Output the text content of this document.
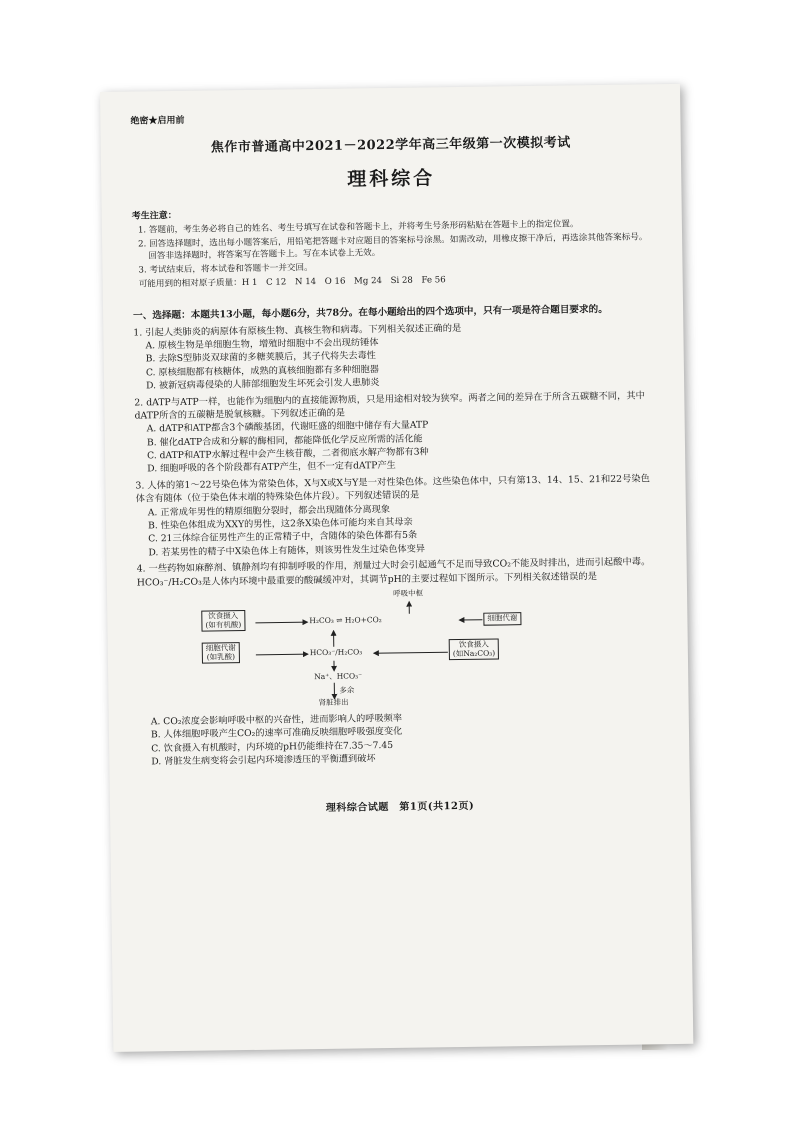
绝密★启用前
焦作市普通高中2021－2022学年高三年级第一次模拟考试
理科综合
考生注意：
1. 答题前，考生务必将自己的姓名、考生号填写在试卷和答题卡上，并将考生号条形码粘贴在答题卡上的指定位置。
2. 回答选择题时，选出每小题答案后，用铅笔把答题卡对应题目的答案标号涂黑。如需改动，用橡皮擦干净后，再选涂其他答案标号。回答非选择题时，将答案写在答题卡上。写在本试卷上无效。
3. 考试结束后，将本试卷和答题卡一并交回。
可能用到的相对原子质量：H 1　C 12　N 14　O 16　Mg 24　Si 28　Fe 56
一、选择题：本题共13小题，每小题6分，共78分。在每小题给出的四个选项中，只有一项是符合题目要求的。
1. 引起人类肺炎的病原体有原核生物、真核生物和病毒。下列相关叙述正确的是
A. 原核生物是单细胞生物，增殖时细胞中不会出现纺锤体
B. 去除S型肺炎双球菌的多糖荚膜后，其子代将失去毒性
C. 原核细胞都有核糖体，成熟的真核细胞都有多种细胞器
D. 被新冠病毒侵染的人肺部细胞发生坏死会引发人患肺炎
2. dATP与ATP一样，也能作为细胞内的直接能源物质，只是用途相对较为狭窄。两者之间的差异在于所含五碳糖不同，其中dATP所含的五碳糖是脱氧核糖。下列叙述正确的是
A. dATP和ATP都含3个磷酸基团，代谢旺盛的细胞中储存有大量ATP
B. 催化dATP合成和分解的酶相同，都能降低化学反应所需的活化能
C. dATP和ATP水解过程中会产生核苷酸，二者彻底水解产物都有3种
D. 细胞呼吸的各个阶段都有ATP产生，但不一定有dATP产生
3. 人体的第1～22号染色体为常染色体，X与X或X与Y是一对性染色体。这些染色体中，只有第13、14、15、21和22号染色体含有随体（位于染色体末端的特殊染色体片段）。下列叙述错误的是
A. 正常成年男性的精原细胞分裂时，都会出现随体分离现象
B. 性染色体组成为XXY的男性，这2条X染色体可能均来自其母亲
C. 21三体综合征男性产生的正常精子中，含随体的染色体都有5条
D. 若某男性的精子中X染色体上有随体，则该男性发生过染色体变异
4. 一些药物如麻醉剂、镇静剂均有抑制呼吸的作用，剂量过大时会引起通气不足而导致CO₂不能及时排出，进而引起酸中毒。HCO₃⁻/H₂CO₃是人体内环境中最重要的酸碱缓冲对，其调节pH的主要过程如下图所示。下列相关叙述错误的是
呼吸中枢
H₂CO₃ ⇌ H₂O+CO₂	细胞代谢
饮食摄入
(如有机酸)
细胞代谢
(如乳酸)	HCO₃⁻/H₂CO₃
饮食摄入
(如Na₂CO₃)
Na⁺、HCO₃⁻
多余
肾脏排出
A. CO₂浓度会影响呼吸中枢的兴奋性，进而影响人的呼吸频率
B. 人体细胞呼吸产生CO₂的速率可准确反映细胞呼吸强度变化
C. 饮食摄入有机酸时，内环境的pH仍能维持在7.35～7.45
D. 肾脏发生病变将会引起内环境渗透压的平衡遭到破坏
理科综合试题　第1页(共12页)
